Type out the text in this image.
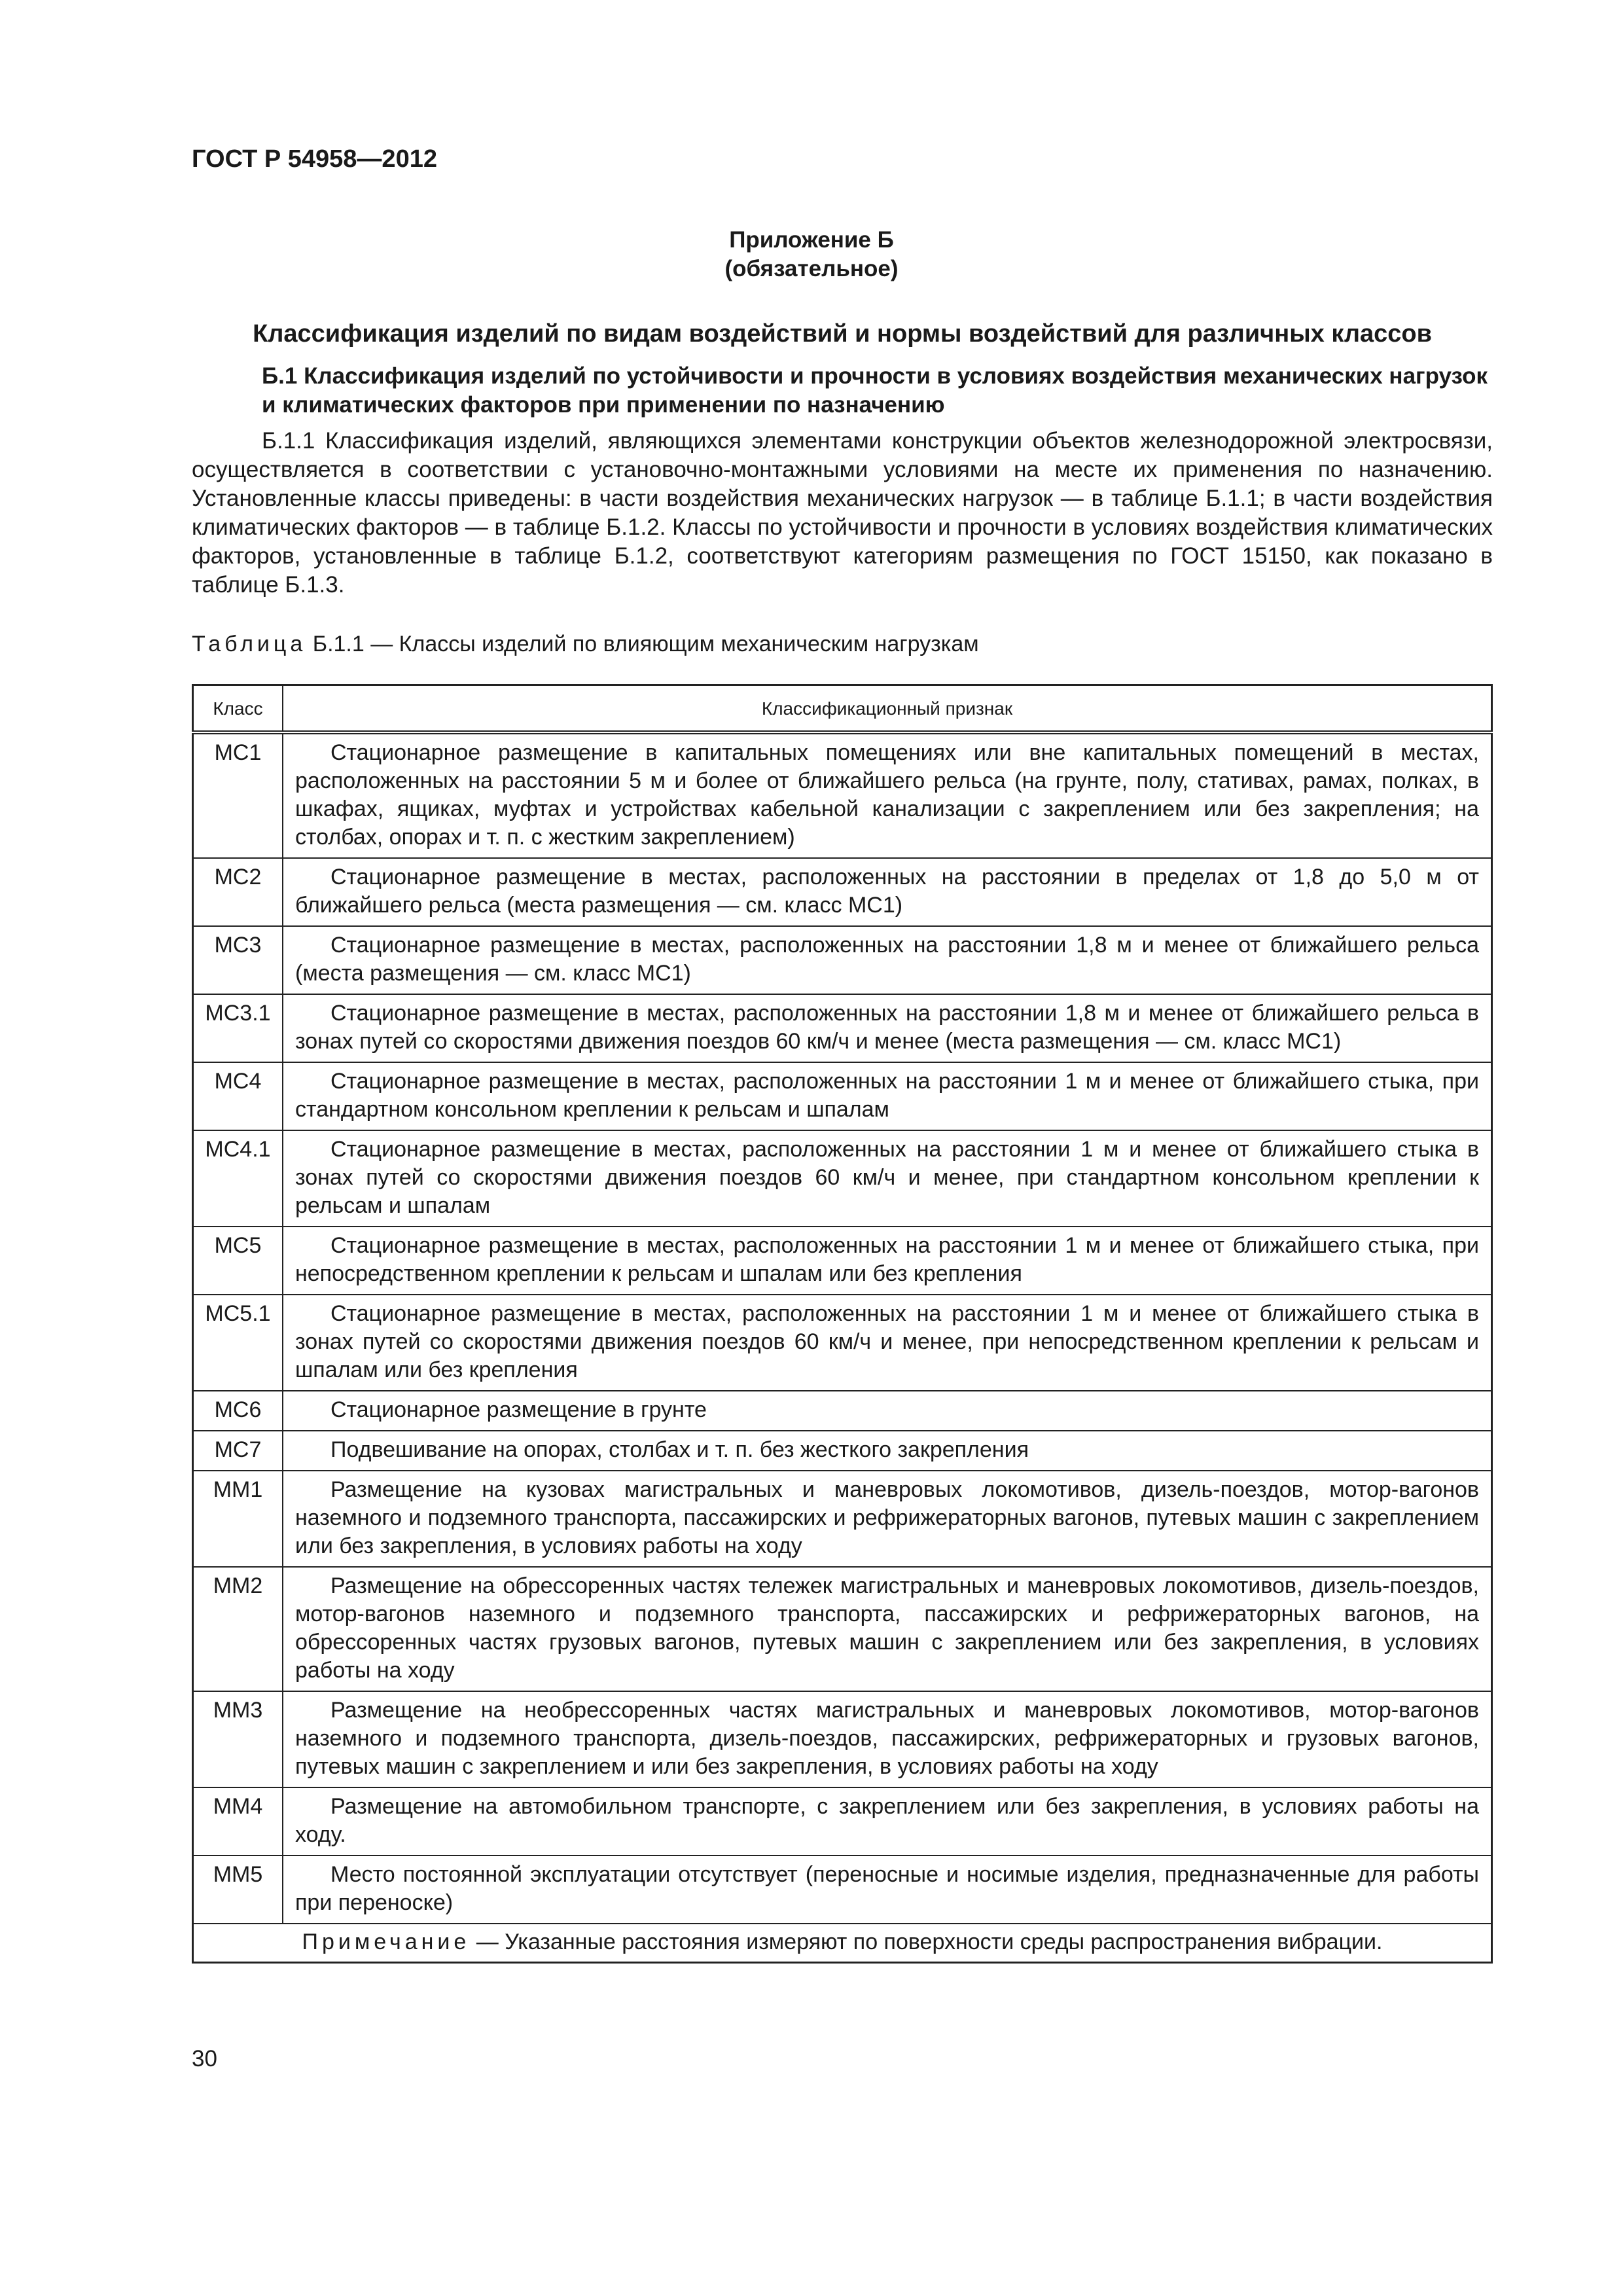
ГОСТ Р 54958—2012
Приложение Б
(обязательное)
Классификация изделий по видам воздействий и нормы воздействий для различных классов
Б.1 Классификация изделий по устойчивости и прочности в условиях воздействия механических нагрузок и климатических факторов при применении по назначению

Б.1.1 Классификация изделий, являющихся элементами конструкции объектов железнодорожной электросвязи, осуществляется в соответствии с установочно-монтажными условиями на месте их применения по назначению. Установленные классы приведены: в части воздействия механических нагрузок — в таблице Б.1.1; в части воздействия климатических факторов — в таблице Б.1.2. Классы по устойчивости и прочности в условиях воздействия климатических факторов, установленные в таблице Б.1.2, соответствуют категориям размещения по ГОСТ 15150, как показано в таблице Б.1.3.

Таблица Б.1.1 — Классы изделий по влияющим механическим нагрузкам
Класс	Классификационный признак
МС1	Стационарное размещение в капитальных помещениях или вне капитальных помещений в местах, расположенных на расстоянии 5 м и более от ближайшего рельса (на грунте, полу, стативах, рамах, полках, в шкафах, ящиках, муфтах и устройствах кабельной канализации с закреплением или без закрепления; на столбах, опорах и т. п. с жестким закреплением)
МС2	Стационарное размещение в местах, расположенных на расстоянии в пределах от 1,8 до 5,0 м от ближайшего рельса (места размещения — см. класс МС1)
МС3	Стационарное размещение в местах, расположенных на расстоянии 1,8 м и менее от ближайшего рельса (места размещения — см. класс МС1)
МС3.1	Стационарное размещение в местах, расположенных на расстоянии 1,8 м и менее от ближайшего рельса в зонах путей со скоростями движения поездов 60 км/ч и менее (места размещения — см. класс МС1)
МС4	Стационарное размещение в местах, расположенных на расстоянии 1 м и менее от ближайшего стыка, при стандартном консольном креплении к рельсам и шпалам
МС4.1	Стационарное размещение в местах, расположенных на расстоянии 1 м и менее от ближайшего стыка в зонах путей со скоростями движения поездов 60 км/ч и менее, при стандартном консольном креплении к рельсам и шпалам
МС5	Стационарное размещение в местах, расположенных на расстоянии 1 м и менее от ближайшего стыка, при непосредственном креплении к рельсам и шпалам или без крепления
МС5.1	Стационарное размещение в местах, расположенных на расстоянии 1 м и менее от ближайшего стыка в зонах путей со скоростями движения поездов 60 км/ч и менее, при непосредственном креплении к рельсам и шпалам или без крепления
МС6	Стационарное размещение в грунте
МС7	Подвешивание на опорах, столбах и т. п. без жесткого закрепления
ММ1	Размещение на кузовах магистральных и маневровых локомотивов, дизель-поездов, мотор-вагонов наземного и подземного транспорта, пассажирских и рефрижераторных вагонов, путевых машин с закреплением или без закрепления, в условиях работы на ходу
ММ2	Размещение на обрессоренных частях тележек магистральных и маневровых локомотивов, дизель-поездов, мотор-вагонов наземного и подземного транспорта, пассажирских и рефрижераторных вагонов, на обрессоренных частях грузовых вагонов, путевых машин с закреплением или без закрепления, в условиях работы на ходу
ММ3	Размещение на необрессоренных частях магистральных и маневровых локомотивов, мотор-вагонов наземного и подземного транспорта, дизель-поездов, пассажирских, рефрижераторных и грузовых вагонов, путевых машин с закреплением и или без закрепления, в условиях работы на ходу
ММ4	Размещение на автомобильном транспорте, с закреплением или без закрепления, в условиях работы на ходу.
ММ5	Место постоянной эксплуатации отсутствует (переносные и носимые изделия, предназначенные для работы при переноске)
Примечание — Указанные расстояния измеряют по поверхности среды распространения вибрации.	
30
